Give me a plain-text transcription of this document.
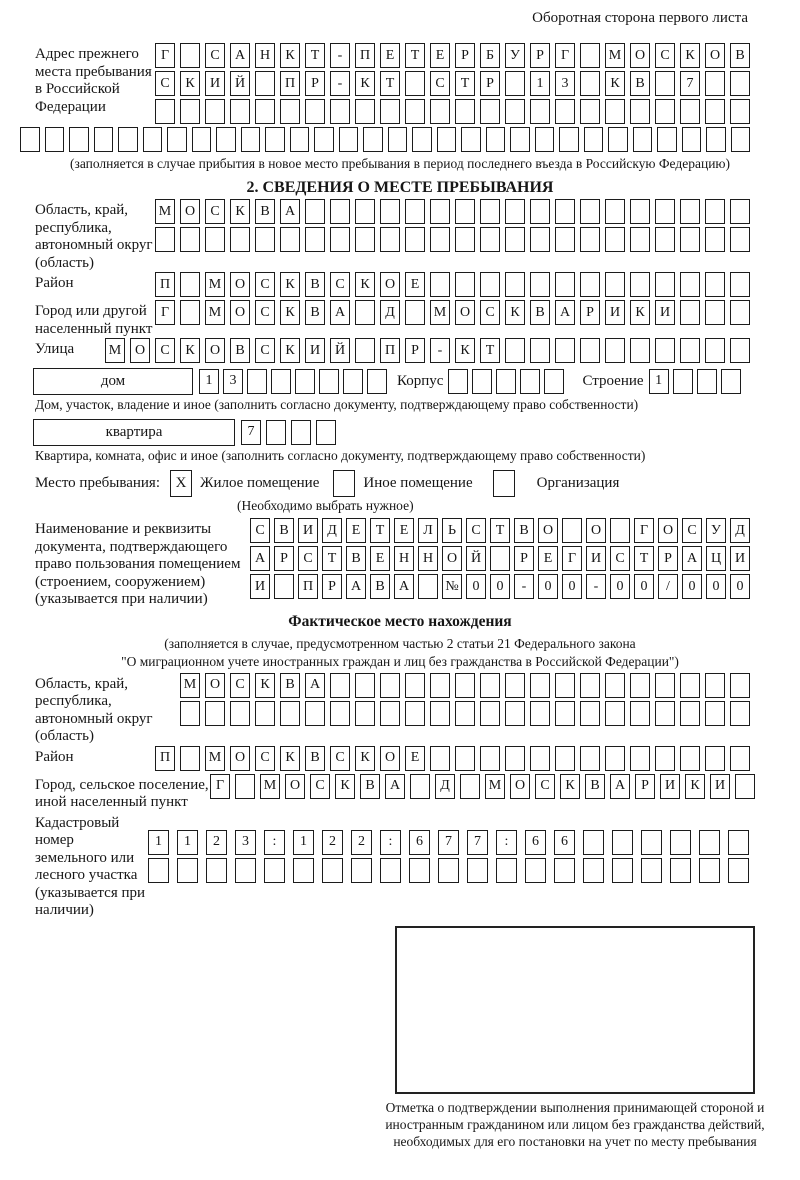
Оборотная сторона первого листа
Адрес прежнего места пребывания в Российской Федерации
Г	С	А	Н	К	Т	-	П	Е	Т	Е	Р	Б	У	Р	Г	М О	С	К	О	В
С	К	И	Й	П	Р	-	К	Т	С	Т	Р	1	3	К	В	7
(заполняется в случае прибытия в новое место пребывания в период последнего въезда в Российскую Федерацию)
2. СВЕДЕНИЯ О МЕСТЕ ПРЕБЫВАНИЯ
Область, край, республика, автономный округ (область)
М О	С	К	В	А
Район	П	М О	С	К	В	С	К	О	Е
Город или другой населенный пункт
Г	М О	С	К	В	А	Д	М О	С	К	В	А	Р	И	К	И
Улица	М О	С	К	О	В	С	К	И	Й	П	Р	-	К	Т
дом	1	3	Корпус	Строение 1
Дом, участок, владение и иное (заполнить согласно документу, подтверждающему право собственности)
квартира	7
Квартира, комната, офис и иное (заполнить согласно документу, подтверждающему право собственности)
Место пребывания:	X Жилое помещение	Иное помещение	Организация
(Необходимо выбрать нужное)
Наименование и реквизиты документа, подтверждающего право пользования помещением (строением, сооружением) (указывается при наличии)
С	В	И	Д	Е	Т	Е	Л	Ь	С	Т	В	О	О	Г	О	С	У	Д
А	Р	С	Т	В	Е	Н Н О Й	Р	Е	Г	И	С	Т	Р	А Ц И
И	П	Р	А	В	А	№ 0	0	-	0	0	-	0	0	/	0	0	0
Фактическое место нахождения
(заполняется в случае, предусмотренном частью 2 статьи 21 Федерального закона
"О миграционном учете иностранных граждан и лиц без гражданства в Российской Федерации")
Область, край, республика, автономный округ (область)
М О	С	К	В	А
Район	П	М О	С	К	В	С	К	О	Е
Город, сельское поселение, иной населенный пункт
Г	М О	С	К	В	А	Д	М О	С	К	В	А	Р	И	К	И
Кадастровый номер земельного или лесного участка (указывается при наличии)
1	1	2	3	:	1	2	2	:	6	7	7	:	6	6
Отметка о подтверждении выполнения принимающей стороной и иностранным гражданином или лицом без гражданства действий, необходимых для его постановки на учет по месту пребывания
